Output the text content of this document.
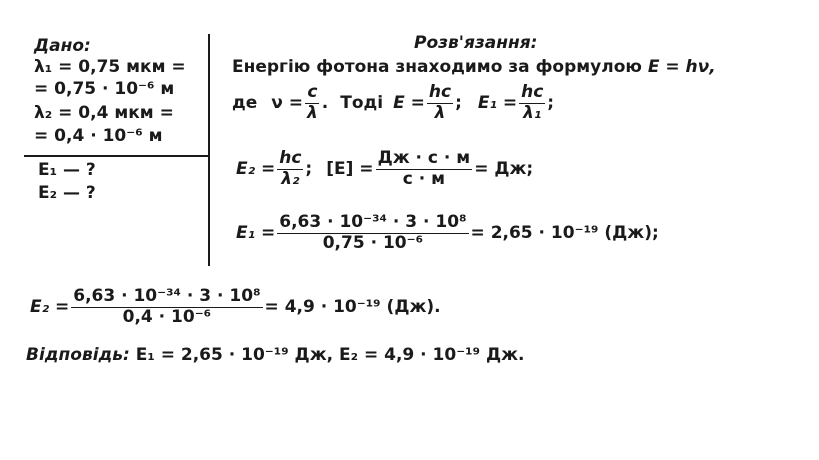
Дано:
λ₁ = 0,75 мкм =
= 0,75 · 10⁻⁶ м
λ₂ = 0,4 мкм =
= 0,4 · 10⁻⁶ м
E₁ — ?
E₂ — ?
Розв'язання:
Енергію фотона знаходимо за формулою E = hν,
де $\nu = \frac{c}{\lambda}$ . Тоді $E = \frac{hc}{\lambda}$ ; $E_1 = \frac{hc}{\text{λ₁}}$ ;
$E_2 = \frac{hc}{\text{λ₂}}$ ; $[E] = \frac{Дж \cdot с \cdot м}{с \cdot м}$ = Дж;
$E_1 = \frac{\text{6,63 · 10⁻³⁴ · 3 · 10⁸}}{\text{0,75 · 10⁻⁶}} = 2,65 \cdot 10^{-19}$ (Дж);
$E_2 = \frac{\text{6,63 · 10⁻³⁴ · 3 · 10⁸}}{\text{0,4 · 10⁻⁶}} = 4,9 \cdot 10^{-19}$ (Дж).
Відповідь: E₁ = 2,65 · 10⁻¹⁹ Дж, E₂ = 4,9 · 10⁻¹⁹ Дж.
